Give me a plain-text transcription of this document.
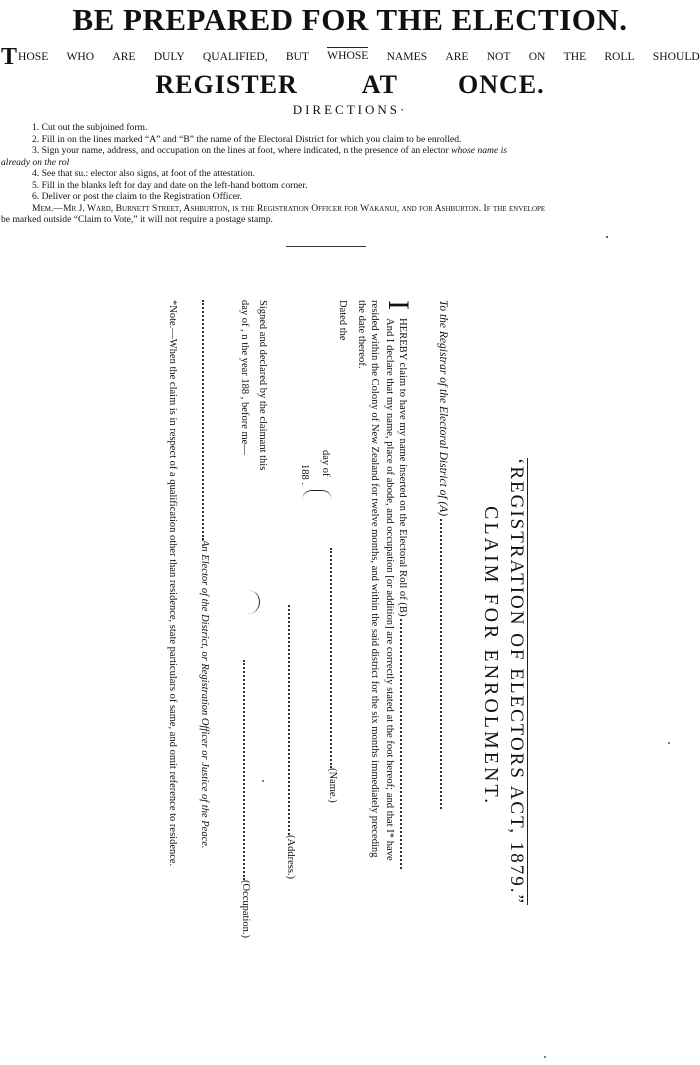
BE PREPARED FOR THE ELECTION.
T HOSE WHO ARE DULY QUALIFIED, BUT WHOSE NAMES ARE NOT ON THE ROLL SHOULD
REGISTER AT ONCE.
DIRECTIONS·
1. Cut out the subjoined form.
2. Fill in on the lines marked “A” and “B” the name of the Electoral District for which you claim to be enrolled.
3. Sign your name, address, and occupation on the lines at foot, where indicated, n the presence of an elector whose name is
already on the rol
4. See that su.: elector also signs, at foot of the attestation.
5. Fill in the blanks left for day and date on the left-hand bottom corner.
6. Deliver or post the claim to the Registration Officer.
Mem.—Mr J. Ward, Burnett Street, Ashburton, is the Registration Officer for Wakanui, and for Ashburton. If the envelope
be marked outside “Claim to Vote,” it will not require a postage stamp.
‘REGISTRATION OF ELECTORS ACT, 1879.”
CLAIM FOR ENROLMENT.
To the Registrar of the Electoral District of (A)
I
HEREBY claim to have my name inserted on the Electoral Roll of (B)
And I declare that my name, place of abode, and occupation [or addition] are correctly stated at the foot hereof; and that I* have
resided within the Colony of New Zealand for twelve months, and within the said district for the six months immediately preceding
the date thereof.
(Name.)
Dated the
day of
188 .
(Address.)
Signed and declared by the claimant this
day of , n the year 188 , before me—
(Occupation.)
An Elector of the District, or Registration Officer or Justice of the Peace.
*Note.—When the claim is in respect of a qualification other than residence, state particulars of same, and omit reference to residence.
